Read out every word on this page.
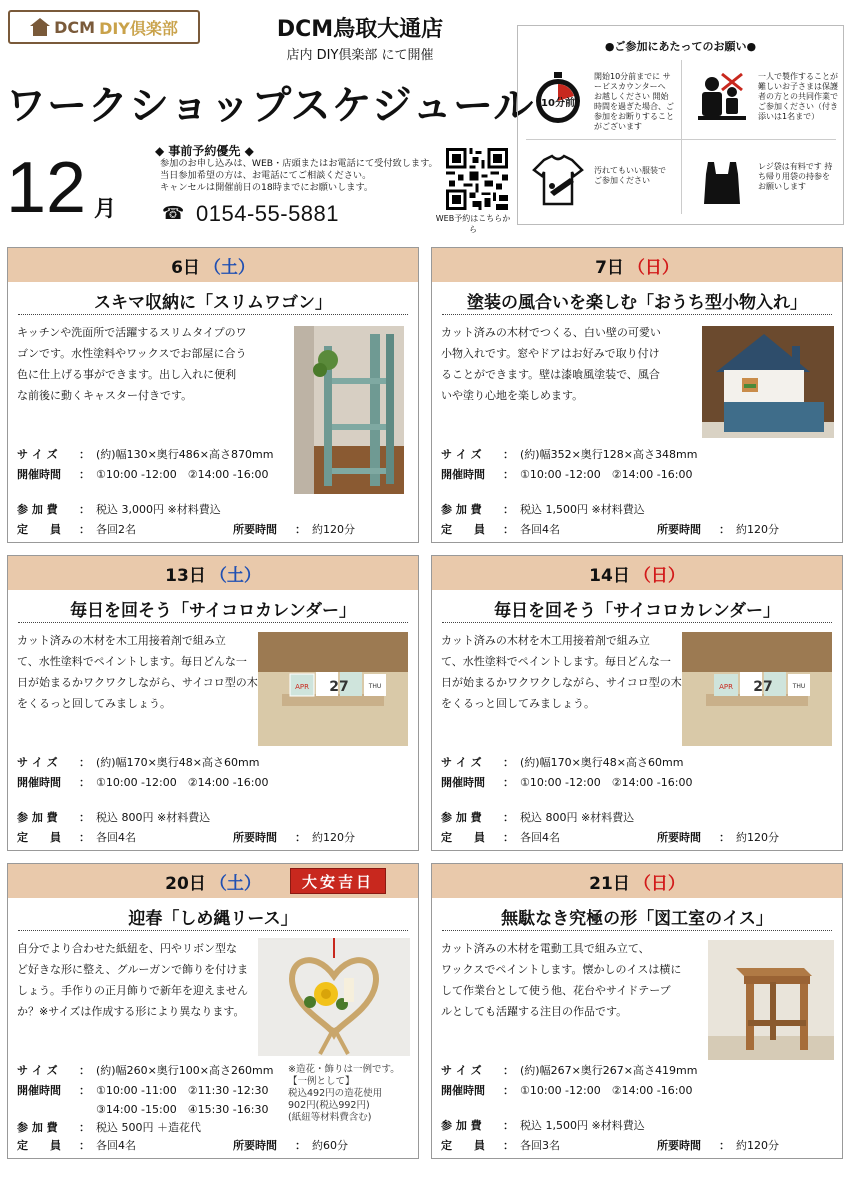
DCM DIY倶楽部	DCM鳥取大通店
店内 DIY倶楽部 にて開催
ワークショップスケジュール
12 月
◆ 事前予約優先 ◆
参加のお申し込みは、WEB・店頭またはお電話にて受付致します。
当日参加希望の方は、お電話にてご相談ください。
キャンセルは開催前日の18時までにお願いします。
☎ 0154-55-5881	WEB予約はこちらから
●ご参加にあたってのお願い●
10分前
開始10分前までに サービスカウンターへ お越しください 開始時間を過ぎた場合、ご参加をお断りすることがございます
一人で製作することが難しいお子さまは保護者の方との共同作業でご参加ください（付き添いは1名まで）
汚れてもいい服装で ご参加ください
レジ袋は有料です 持ち帰り用袋の持参を お願いします
6日 （土）
スキマ収納に「スリムワゴン」
キッチンや洗面所で活躍するスリムタイプのワ
ゴンです。水性塗料やワックスでお部屋に合う
色に仕上げる事ができます。出し入れに便利
な前後に動くキャスター付きです。
サ イ ズ ： (約)幅130×奥行486×高さ870mm
開催時間 ： ①10:00 -12:00　②14:00 -16:00
参 加 費 ： 税込 3,000円 ※材料費込
定　　員 ： 各回2名	所要時間 ： 約120分
7日 （日）
塗装の風合いを楽しむ「おうち型小物入れ」
カット済みの木材でつくる、白い壁の可愛い
小物入れです。窓やドアはお好みで取り付け
ることができます。壁は漆喰風塗装で、風合
いや塗り心地を楽しめます。
サ イ ズ ： (約)幅352×奥行128×高さ348mm
開催時間 ： ①10:00 -12:00　②14:00 -16:00
参 加 費 ： 税込 1,500円 ※材料費込
定　　員 ： 各回4名	所要時間 ： 約120分
13日 （土）
毎日を回そう「サイコロカレンダー」
カット済みの木材を木工用接着剤で組み立
て、水性塗料でペイントします。毎日どんな一
日が始まるかワクワクしながら、サイコロ型の木
をくるっと回してみましょう。
APR 27	THU
サ イ ズ ： (約)幅170×奥行48×高さ60mm
開催時間 ： ①10:00 -12:00　②14:00 -16:00
参 加 費 ： 税込 800円 ※材料費込
定　　員 ： 各回4名	所要時間 ： 約120分
14日 （日）
毎日を回そう「サイコロカレンダー」
カット済みの木材を木工用接着剤で組み立
て、水性塗料でペイントします。毎日どんな一
日が始まるかワクワクしながら、サイコロ型の木
をくるっと回してみましょう。
APR 27	THU
サ イ ズ ： (約)幅170×奥行48×高さ60mm
開催時間 ： ①10:00 -12:00　②14:00 -16:00
参 加 費 ： 税込 800円 ※材料費込
定　　員 ： 各回4名	所要時間 ： 約120分
20日 （土）	大安吉日
迎春「しめ縄リース」
自分でより合わせた紙紐を、円やリボン型な
ど好きな形に整え、グルーガンで飾りを付けま
しょう。手作りの正月飾りで新年を迎えません
か？※サイズは作成する形により異なります。
サ イ ズ ： (約)幅260×奥行100×高さ260mm
開催時間 ： ①10:00 -11:00　②11:30 -12:30
③14:00 -15:00　④15:30 -16:30
参 加 費 ： 税込 500円 ＋造花代
定　　員 ： 各回4名	所要時間 ： 約60分
※造花・飾りは一例です。
【一例として】
税込492円の造花使用
902円(税込992円)
(紙紐等材料費含む)
21日 （日）
無駄なき究極の形「図工室のイス」
カット済みの木材を電動工具で組み立て、
ワックスでペイントします。懐かしのイスは横に
して作業台として使う他、花台やサイドテーブ
ルとしても活躍する注目の作品です。
サ イ ズ ： (約)幅267×奥行267×高さ419mm
開催時間 ： ①10:00 -12:00　②14:00 -16:00
参 加 費 ： 税込 1,500円 ※材料費込
定　　員 ： 各回3名	所要時間 ： 約120分
